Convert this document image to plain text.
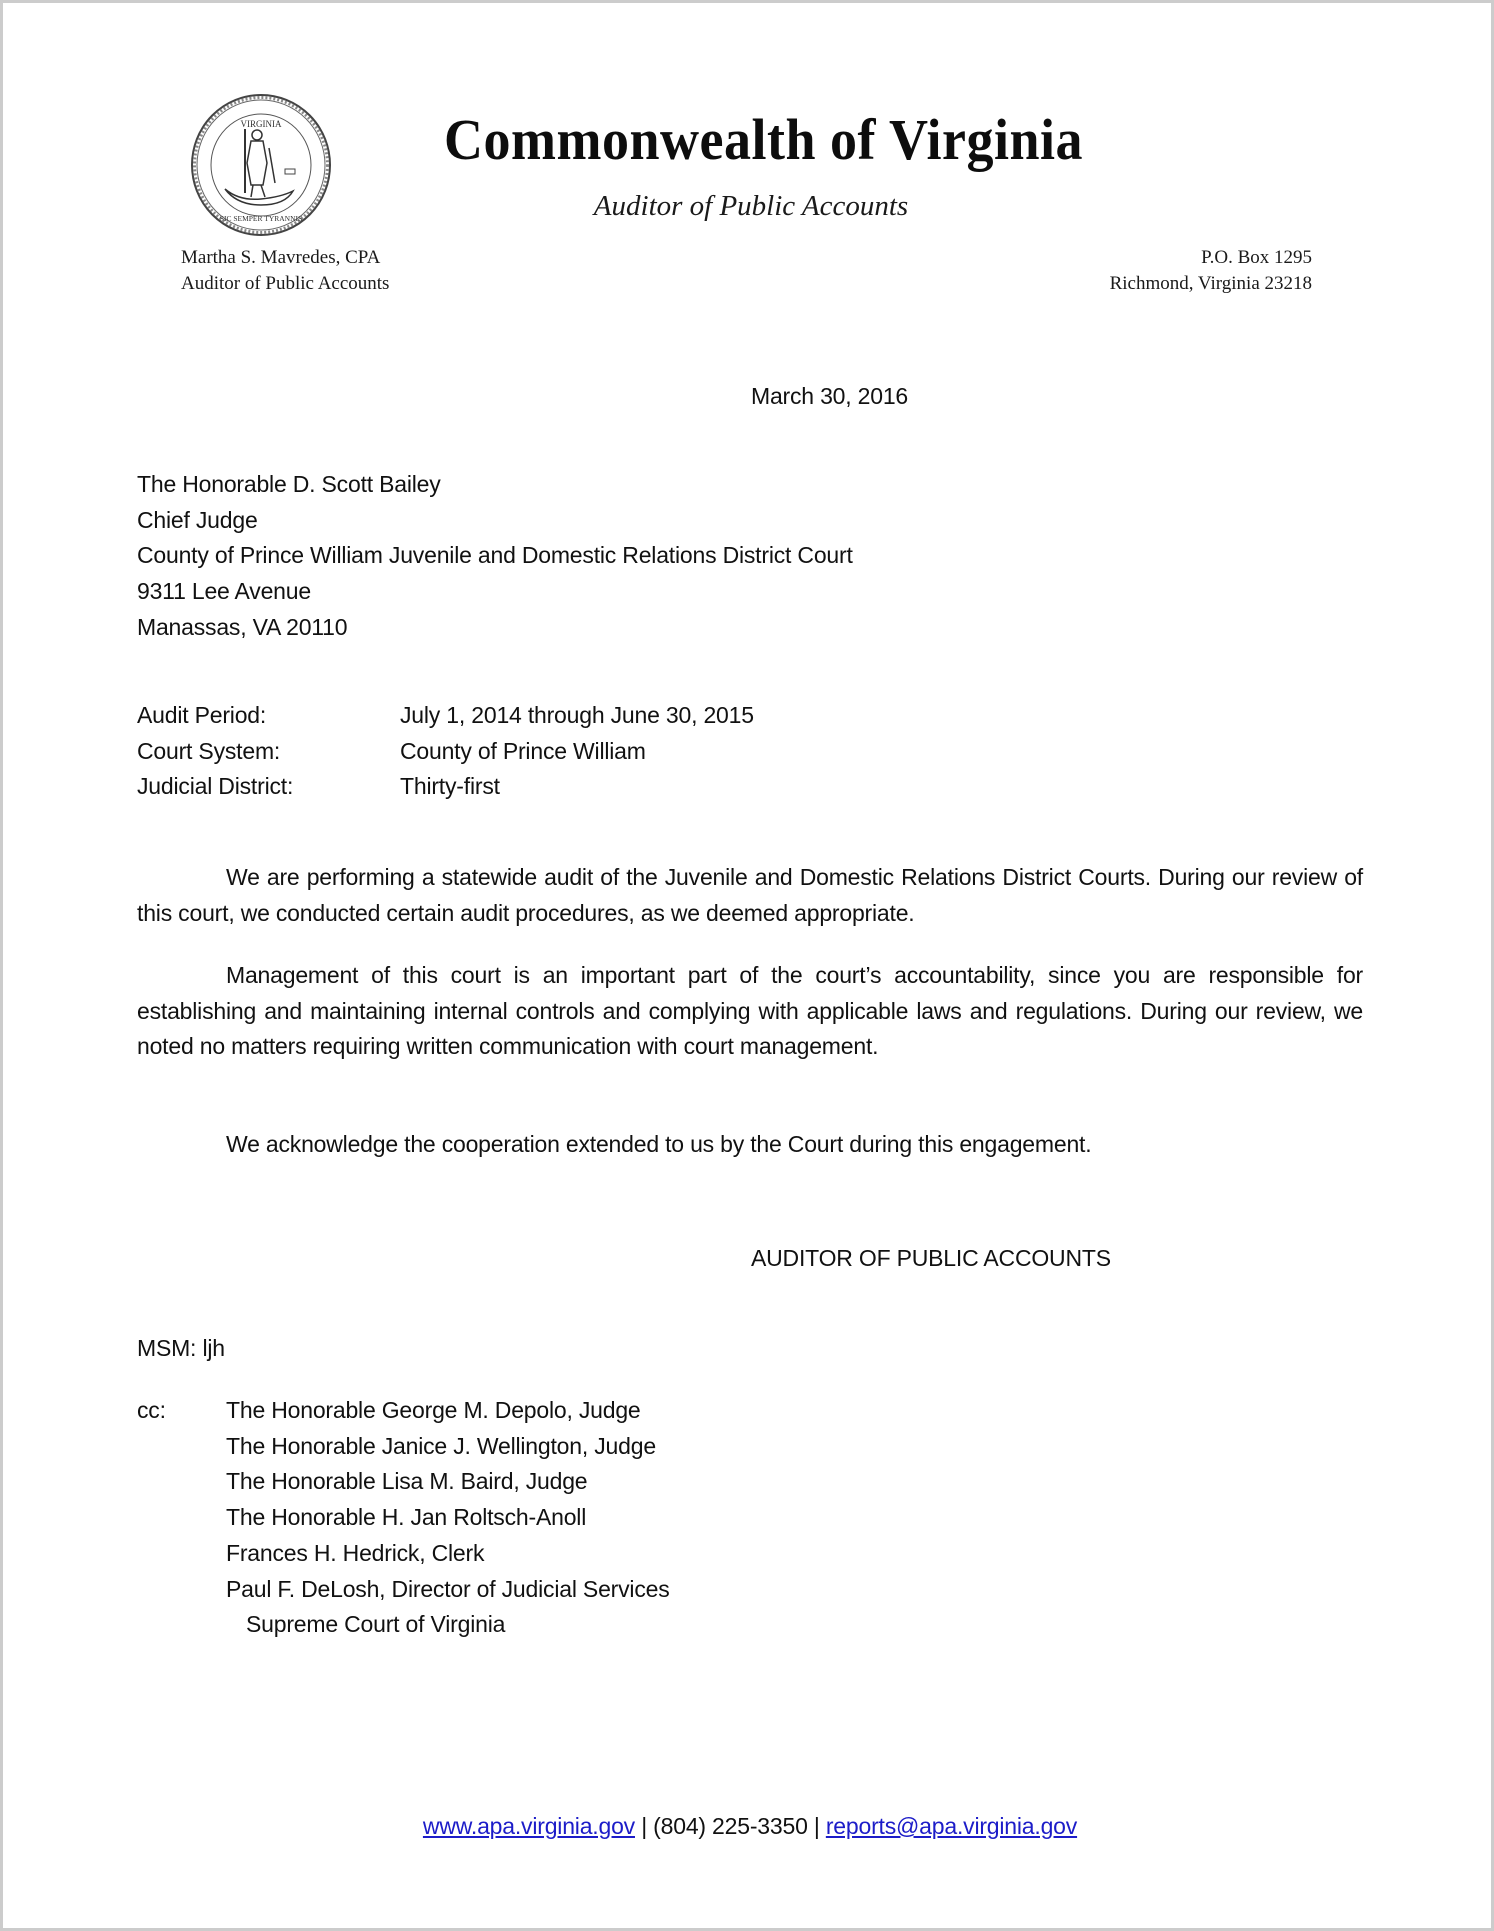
VIRGINIA
SIC SEMPER TYRANNIS
Commonwealth of Virginia
Auditor of Public Accounts
Martha S. Mavredes, CPA
Auditor of Public Accounts
P.O. Box 1295
Richmond, Virginia 23218
March 30, 2016
The Honorable D. Scott Bailey
Chief Judge
County of Prince William Juvenile and Domestic Relations District Court
9311 Lee Avenue
Manassas, VA 20110
Audit Period:	July 1, 2014 through June 30, 2015
Court System:	County of Prince William
Judicial District:	Thirty-first

We are performing a statewide audit of the Juvenile and Domestic Relations District Courts. During our review of this court, we conducted certain audit procedures, as we deemed appropriate.

Management of this court is an important part of the court’s accountability, since you are responsible for establishing and maintaining internal controls and complying with applicable laws and regulations. During our review, we noted no matters requiring written communication with court management.

We acknowledge the cooperation extended to us by the Court during this engagement.

AUDITOR OF PUBLIC ACCOUNTS
MSM: ljh
cc:	The Honorable George M. Depolo, Judge
The Honorable Janice J. Wellington, Judge
The Honorable Lisa M. Baird, Judge
The Honorable H. Jan Roltsch-Anoll
Frances H. Hedrick, Clerk
Paul F. DeLosh, Director of Judicial Services
Supreme Court of Virginia
www.apa.virginia.gov | (804) 225-3350 | reports@apa.virginia.gov
